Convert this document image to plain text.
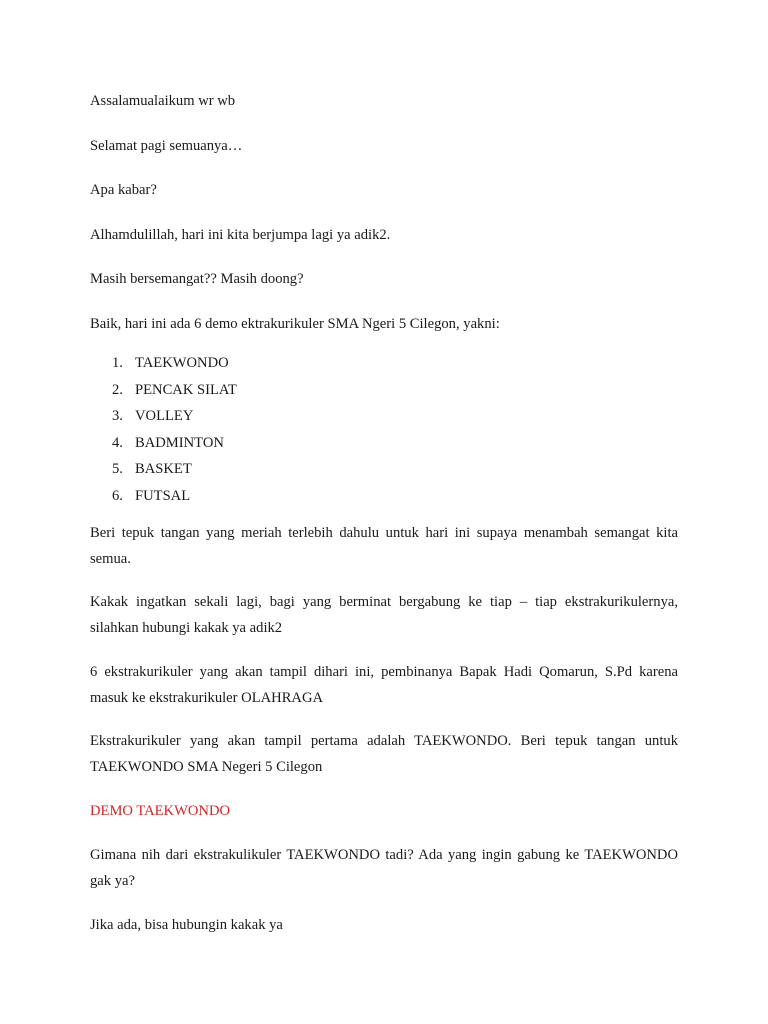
Assalamualaikum wr wb

Selamat pagi semuanya…

Apa kabar?

Alhamdulillah, hari ini kita berjumpa lagi ya adik2.

Masih bersemangat?? Masih doong?

Baik, hari ini ada 6 demo ektrakurikuler SMA Ngeri 5 Cilegon, yakni:

1. TAEKWONDO
2. PENCAK SILAT
3. VOLLEY
4. BADMINTON
5. BASKET
6. FUTSAL

Beri tepuk tangan yang meriah terlebih dahulu untuk hari ini supaya menambah semangat kita semua.

Kakak ingatkan sekali lagi, bagi yang berminat bergabung ke tiap – tiap ekstrakurikulernya, silahkan hubungi kakak ya adik2

6 ekstrakurikuler yang akan tampil dihari ini, pembinanya Bapak Hadi Qomarun, S.Pd karena masuk ke ekstrakurikuler OLAHRAGA

Ekstrakurikuler yang akan tampil pertama adalah TAEKWONDO. Beri tepuk tangan untuk TAEKWONDO SMA Negeri 5 Cilegon

DEMO TAEKWONDO

Gimana nih dari ekstrakulikuler TAEKWONDO tadi? Ada yang ingin gabung ke TAEKWONDO gak ya?

Jika ada, bisa hubungin kakak ya
